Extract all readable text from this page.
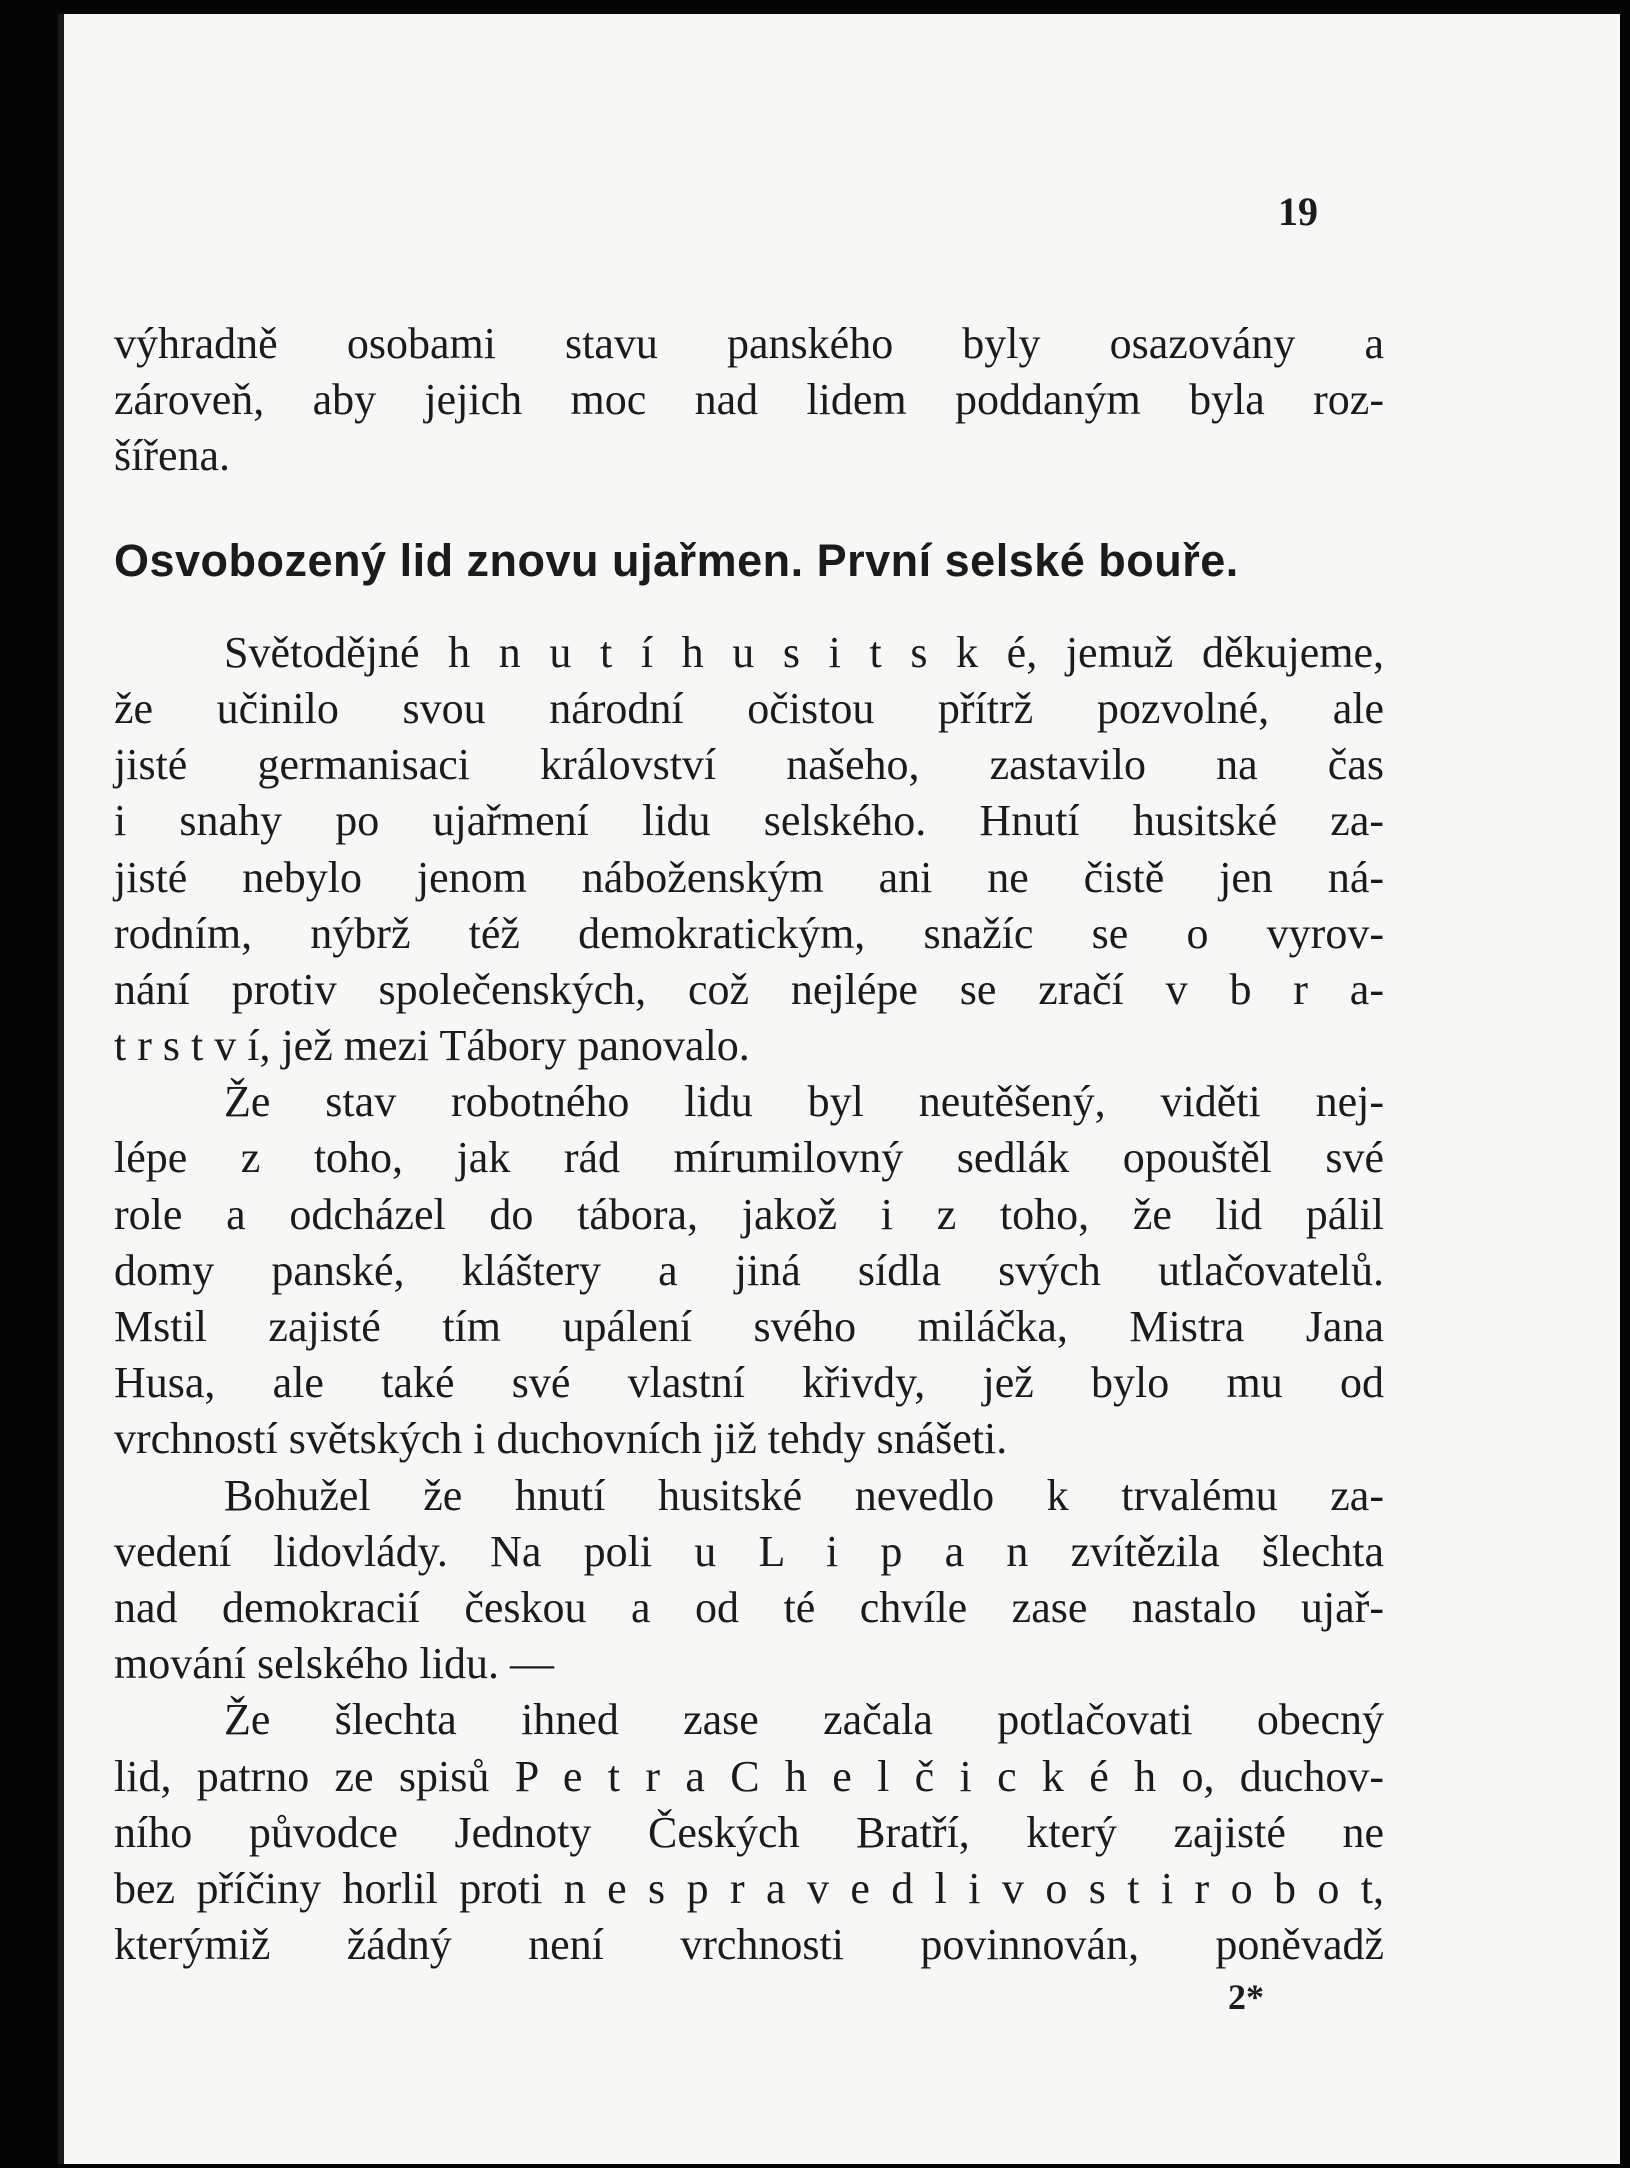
19
výhradně osobami stavu panského byly osazovány a
zároveň, aby jejich moc nad lidem poddaným byla roz-
šířena.
Osvobozený lid znovu ujařmen. První selské bouře.
Světodějné h n u t í h u s i t s k é, jemuž děkujeme,
že učinilo svou národní očistou přítrž pozvolné, ale
jisté germanisaci království našeho, zastavilo na čas
i snahy po ujařmení lidu selského. Hnutí husitské za-
jisté nebylo jenom náboženským ani ne čistě jen ná-
rodním, nýbrž též demokratickým, snažíc se o vyrov-
nání protiv společenských, což nejlépe se zračí v b r a-
t r s t v í, jež mezi Tábory panovalo.
Že stav robotného lidu byl neutěšený, viděti nej-
lépe z toho, jak rád mírumilovný sedlák opouštěl své
role a odcházel do tábora, jakož i z toho, že lid pálil
domy panské, kláštery a jiná sídla svých utlačovatelů.
Mstil zajisté tím upálení svého miláčka, Mistra Jana
Husa, ale také své vlastní křivdy, jež bylo mu od
vrchností světských i duchovních již tehdy snášeti.
Bohužel že hnutí husitské nevedlo k trvalému za-
vedení lidovlády. Na poli u L i p a n zvítězila šlechta
nad demokracií českou a od té chvíle zase nastalo ujař-
mování selského lidu. —
Že šlechta ihned zase začala potlačovati obecný
lid, patrno ze spisů P e t r a C h e l č i c k é h o, duchov-
ního původce Jednoty Českých Bratří, který zajisté ne
bez příčiny horlil proti n e s p r a v e d l i v o s t i r o b o t,
kterýmiž žádný není vrchnosti povinnován, poněvadž
2*
